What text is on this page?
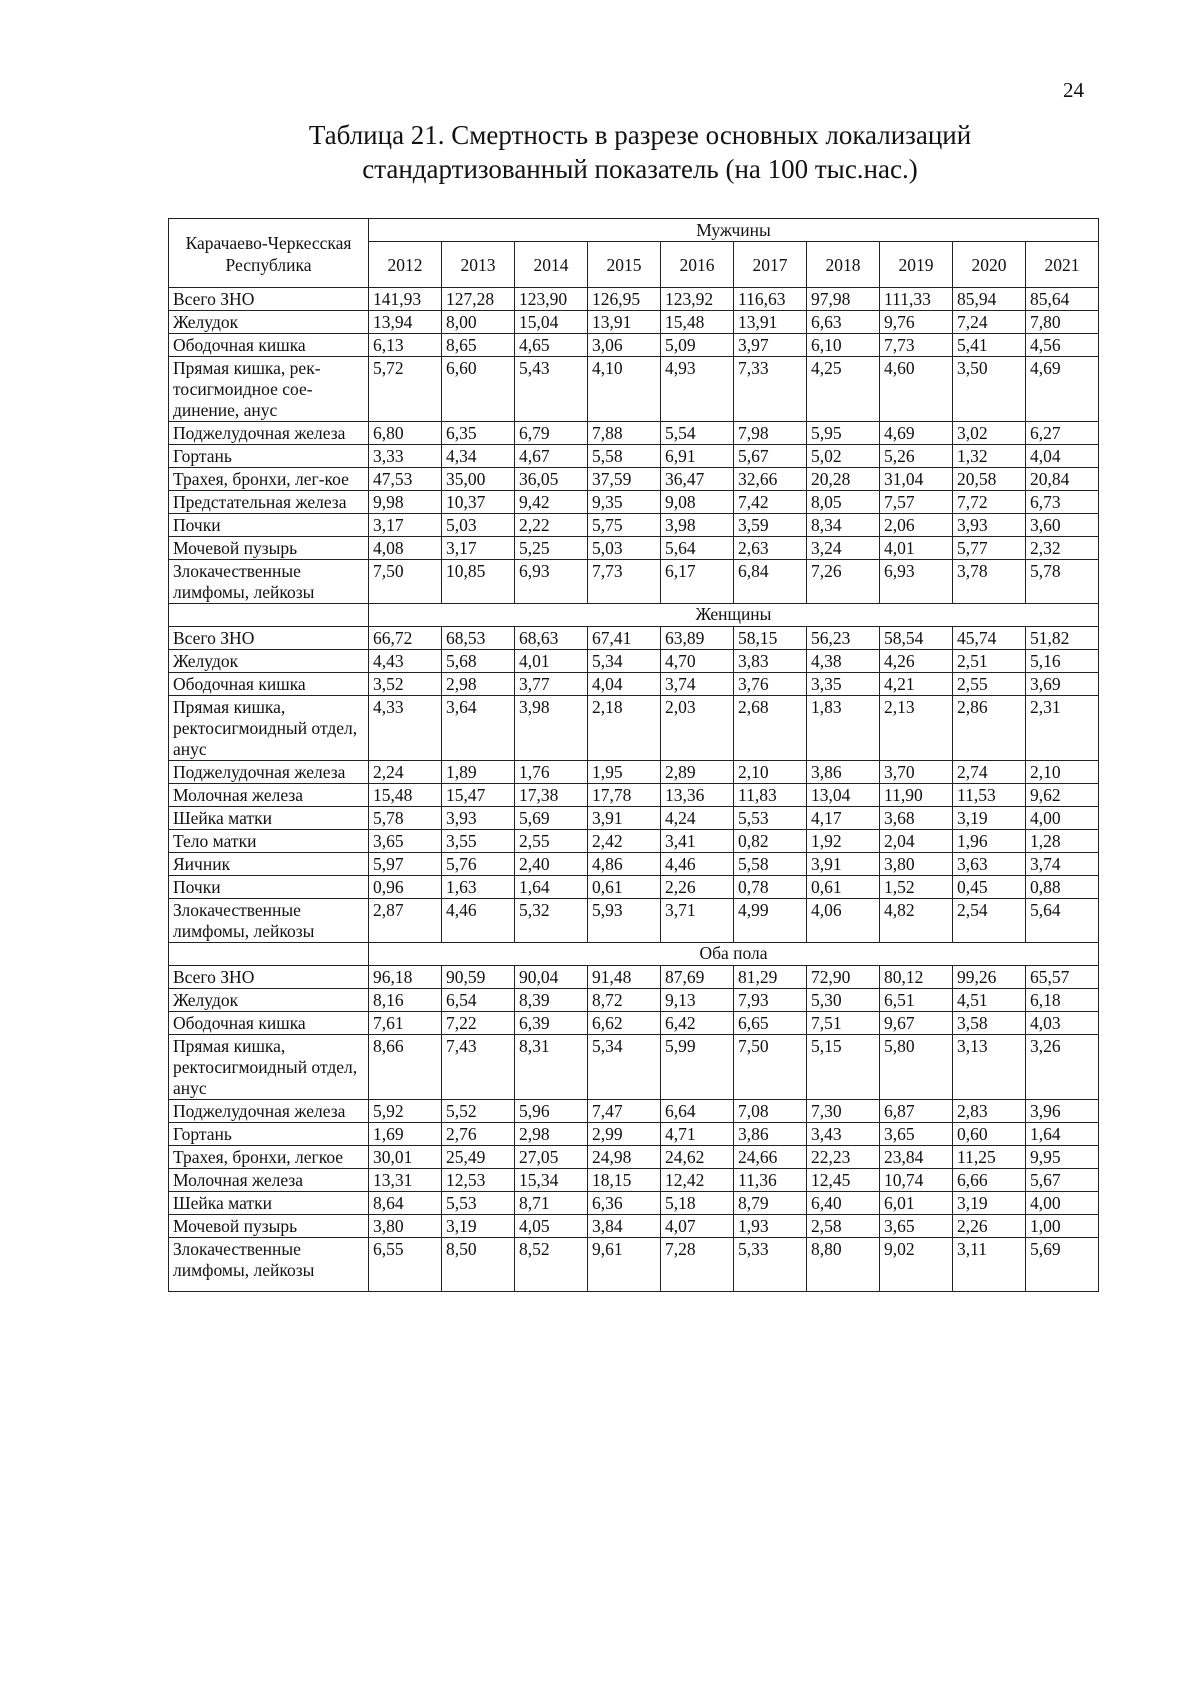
24
Таблица 21. Смертность в разрезе основных локализаций
стандартизованный показатель (на 100 тыс.нас.)
Карачаево-Черкесская Республика	Мужчины									
	2012	2013	2014	2015	2016	2017	2018	2019	2020	2021
Всего ЗНО	141,93	127,28	123,90	126,95	123,92	116,63	97,98	111,33	85,94	85,64
Желудок	13,94	8,00	15,04	13,91	15,48	13,91	6,63	9,76	7,24	7,80
Ободочная кишка	6,13	8,65	4,65	3,06	5,09	3,97	6,10	7,73	5,41	4,56
Прямая кишка, рек-тосигмоидное сое-динение, анус	5,72	6,60	5,43	4,10	4,93	7,33	4,25	4,60	3,50	4,69
Поджелудочная железа	6,80	6,35	6,79	7,88	5,54	7,98	5,95	4,69	3,02	6,27
Гортань	3,33	4,34	4,67	5,58	6,91	5,67	5,02	5,26	1,32	4,04
Трахея, бронхи, лег-кое	47,53	35,00	36,05	37,59	36,47	32,66	20,28	31,04	20,58	20,84
Предстательная железа	9,98	10,37	9,42	9,35	9,08	7,42	8,05	7,57	7,72	6,73
Почки	3,17	5,03	2,22	5,75	3,98	3,59	8,34	2,06	3,93	3,60
Мочевой пузырь	4,08	3,17	5,25	5,03	5,64	2,63	3,24	4,01	5,77	2,32
Злокачественные лимфомы, лейкозы	7,50	10,85	6,93	7,73	6,17	6,84	7,26	6,93	3,78	5,78
	Женщины									
Всего ЗНО	66,72	68,53	68,63	67,41	63,89	58,15	56,23	58,54	45,74	51,82
Желудок	4,43	5,68	4,01	5,34	4,70	3,83	4,38	4,26	2,51	5,16
Ободочная кишка	3,52	2,98	3,77	4,04	3,74	3,76	3,35	4,21	2,55	3,69
Прямая кишка, ректосигмоидный отдел, анус	4,33	3,64	3,98	2,18	2,03	2,68	1,83	2,13	2,86	2,31
Поджелудочная железа	2,24	1,89	1,76	1,95	2,89	2,10	3,86	3,70	2,74	2,10
Молочная железа	15,48	15,47	17,38	17,78	13,36	11,83	13,04	11,90	11,53	9,62
Шейка матки	5,78	3,93	5,69	3,91	4,24	5,53	4,17	3,68	3,19	4,00
Тело матки	3,65	3,55	2,55	2,42	3,41	0,82	1,92	2,04	1,96	1,28
Яичник	5,97	5,76	2,40	4,86	4,46	5,58	3,91	3,80	3,63	3,74
Почки	0,96	1,63	1,64	0,61	2,26	0,78	0,61	1,52	0,45	0,88
Злокачественные лимфомы, лейкозы	2,87	4,46	5,32	5,93	3,71	4,99	4,06	4,82	2,54	5,64
	Оба пола									
Всего ЗНО	96,18	90,59	90,04	91,48	87,69	81,29	72,90	80,12	99,26	65,57
Желудок	8,16	6,54	8,39	8,72	9,13	7,93	5,30	6,51	4,51	6,18
Ободочная кишка	7,61	7,22	6,39	6,62	6,42	6,65	7,51	9,67	3,58	4,03
Прямая кишка, ректосигмоидный отдел, анус	8,66	7,43	8,31	5,34	5,99	7,50	5,15	5,80	3,13	3,26
Поджелудочная железа	5,92	5,52	5,96	7,47	6,64	7,08	7,30	6,87	2,83	3,96
Гортань	1,69	2,76	2,98	2,99	4,71	3,86	3,43	3,65	0,60	1,64
Трахея, бронхи, легкое	30,01	25,49	27,05	24,98	24,62	24,66	22,23	23,84	11,25	9,95
Молочная железа	13,31	12,53	15,34	18,15	12,42	11,36	12,45	10,74	6,66	5,67
Шейка матки	8,64	5,53	8,71	6,36	5,18	8,79	6,40	6,01	3,19	4,00
Мочевой пузырь	3,80	3,19	4,05	3,84	4,07	1,93	2,58	3,65	2,26	1,00
Злокачественные лимфомы, лейкозы	6,55	8,50	8,52	9,61	7,28	5,33	8,80	9,02	3,11	5,69
